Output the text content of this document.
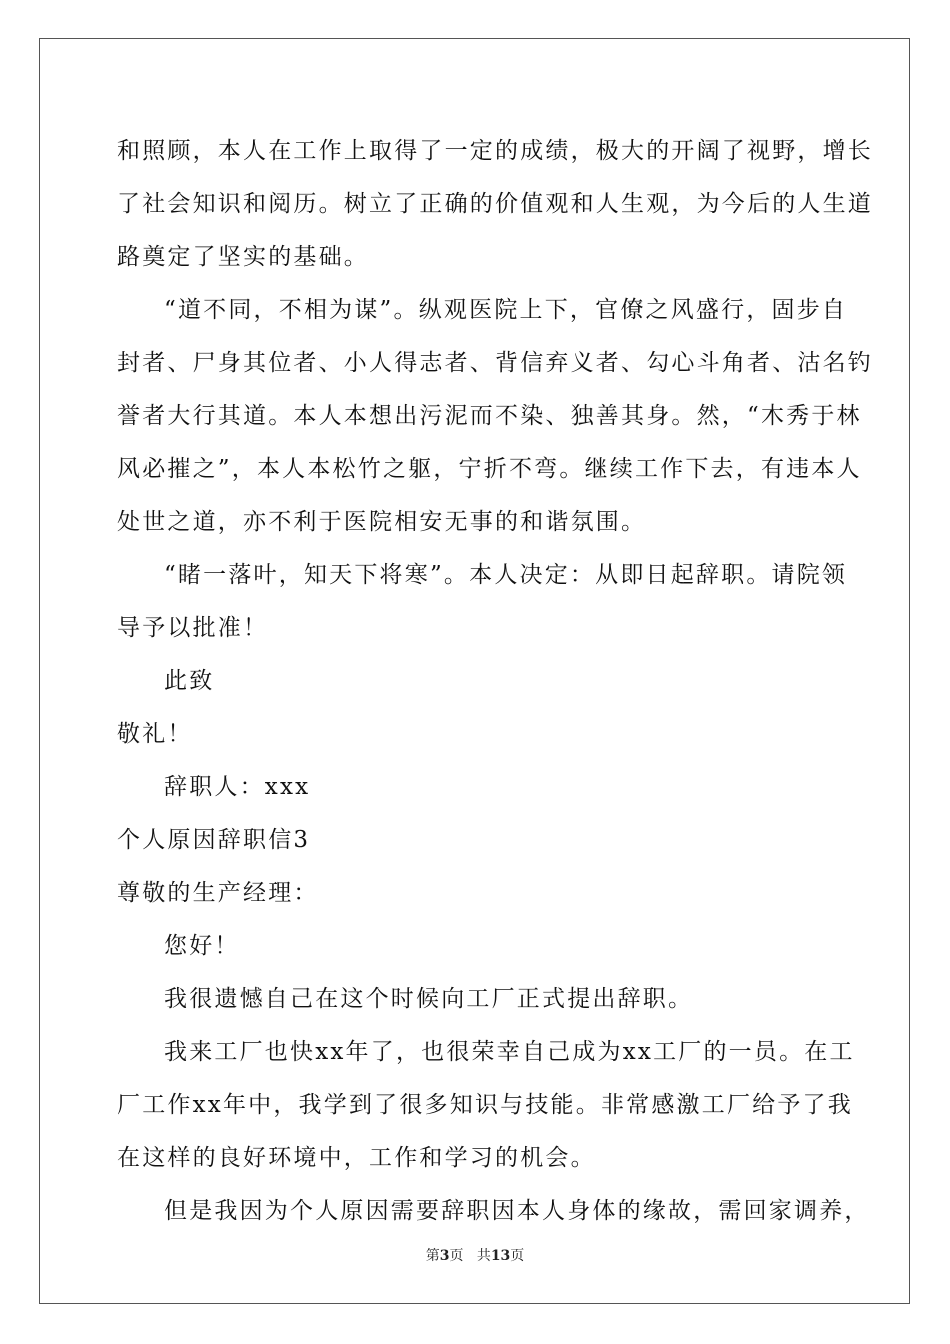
和照顾，本人在工作上取得了一定的成绩，极大的开阔了视野，增长
了社会知识和阅历。树立了正确的价值观和人生观，为今后的人生道
路奠定了坚实的基础。
“道不同，不相为谋”。纵观医院上下，官僚之风盛行，固步自
封者、尸身其位者、小人得志者、背信弃义者、勾心斗角者、沽名钓
誉者大行其道。本人本想出污泥而不染、独善其身。然，“木秀于林
风必摧之”，本人本松竹之躯，宁折不弯。继续工作下去，有违本人
处世之道，亦不利于医院相安无事的和谐氛围。
“睹一落叶，知天下将寒”。本人决定：从即日起辞职。请院领
导予以批准！
此致
敬礼！
辞职人：xxx
个人原因辞职信3
尊敬的生产经理：
您好！
我很遗憾自己在这个时候向工厂正式提出辞职。
我来工厂也快xx年了，也很荣幸自己成为xx工厂的一员。在工
厂工作xx年中，我学到了很多知识与技能。非常感激工厂给予了我
在这样的良好环境中，工作和学习的机会。
但是我因为个人原因需要辞职因本人身体的缘故，需回家调养，
第3页 共13页
